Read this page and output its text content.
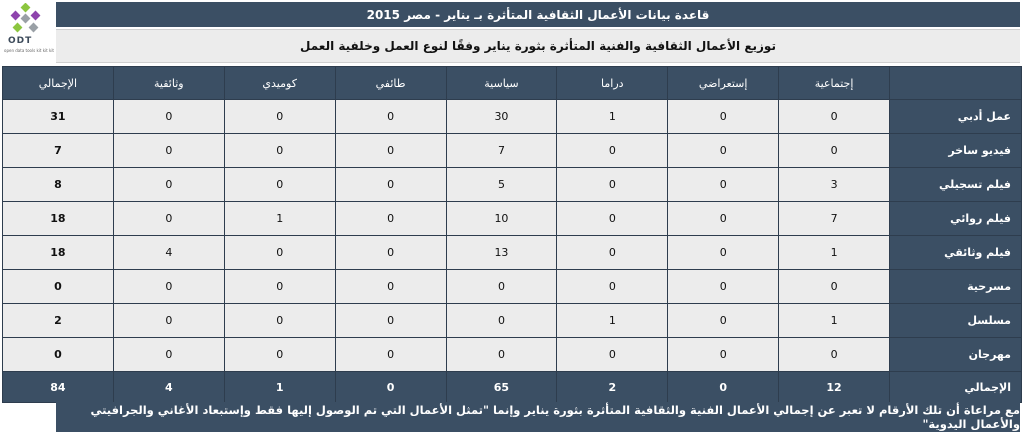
ODT
open data tools kit kit kit
قاعدة بيانات الأعمال الثقافية المتأثرة بـ يناير - مصر 2015
توزيع الأعمال الثقافية والفنية المتأثرة بثورة يناير وفقًا لنوع العمل وخلفية العمل
	إجتماعية	إستعراضي	دراما	سياسية	طائفي	كوميدي	وثائقية	الإجمالي
عمل أدبي	0	0	1	30	0	0	0	31
فيديو ساخر	0	0	0	7	0	0	0	7
فيلم تسجيلي	3	0	0	5	0	0	0	8
فيلم روائي	7	0	0	10	0	1	0	18
فيلم وثائقي	1	0	0	13	0	0	4	18
مسرحية	0	0	0	0	0	0	0	0
مسلسل	1	0	1	0	0	0	0	2
مهرجان	0	0	0	0	0	0	0	0
الإجمالي	12	0	2	65	0	1	4	84
مع مراعاة أن تلك الأرقام لا تعبر عن إجمالي الأعمال الفنية والثقافية المتأثرة بثورة يناير وإنما "تمثل الأعمال التي تم الوصول إليها فقط وإستبعاد الأغاني والجرافيتي والأعمال اليدوية"
